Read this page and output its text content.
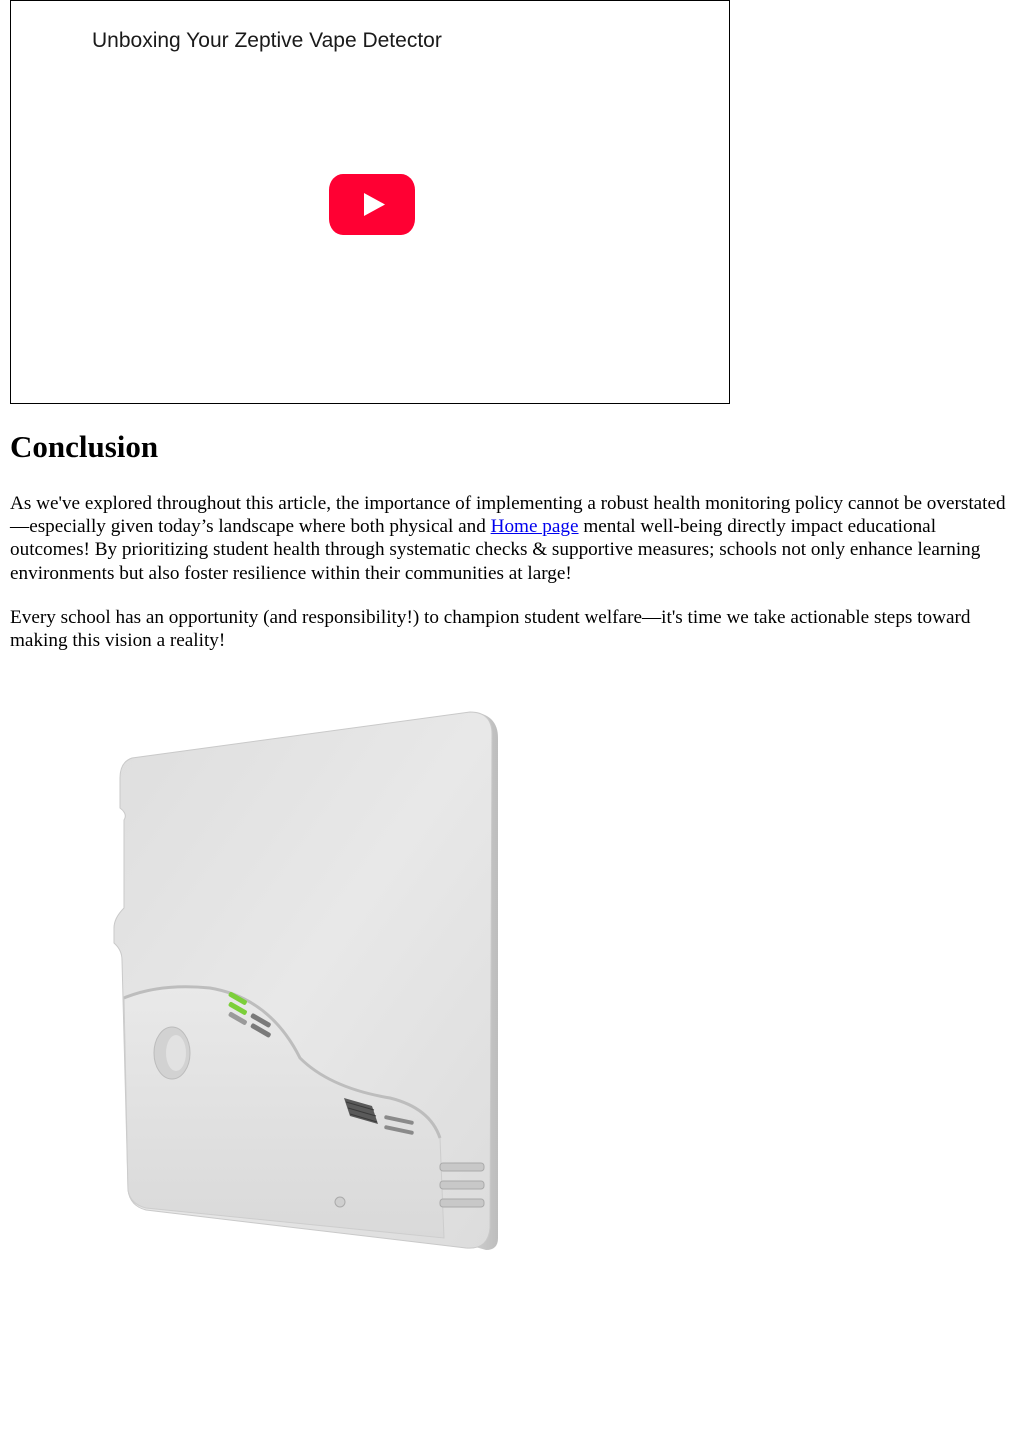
Unboxing Your Zeptive Vape Detector
Conclusion

As we've explored throughout this article, the importance of implementing a robust health monitoring policy cannot be overstated—especially given today’s landscape where both physical and Home page mental well-being directly impact educational outcomes! By prioritizing student health through systematic checks & supportive measures; schools not only enhance learning environments but also foster resilience within their communities at large!

Every school has an opportunity (and responsibility!) to champion student welfare—it's time we take actionable steps toward making this vision a reality!
